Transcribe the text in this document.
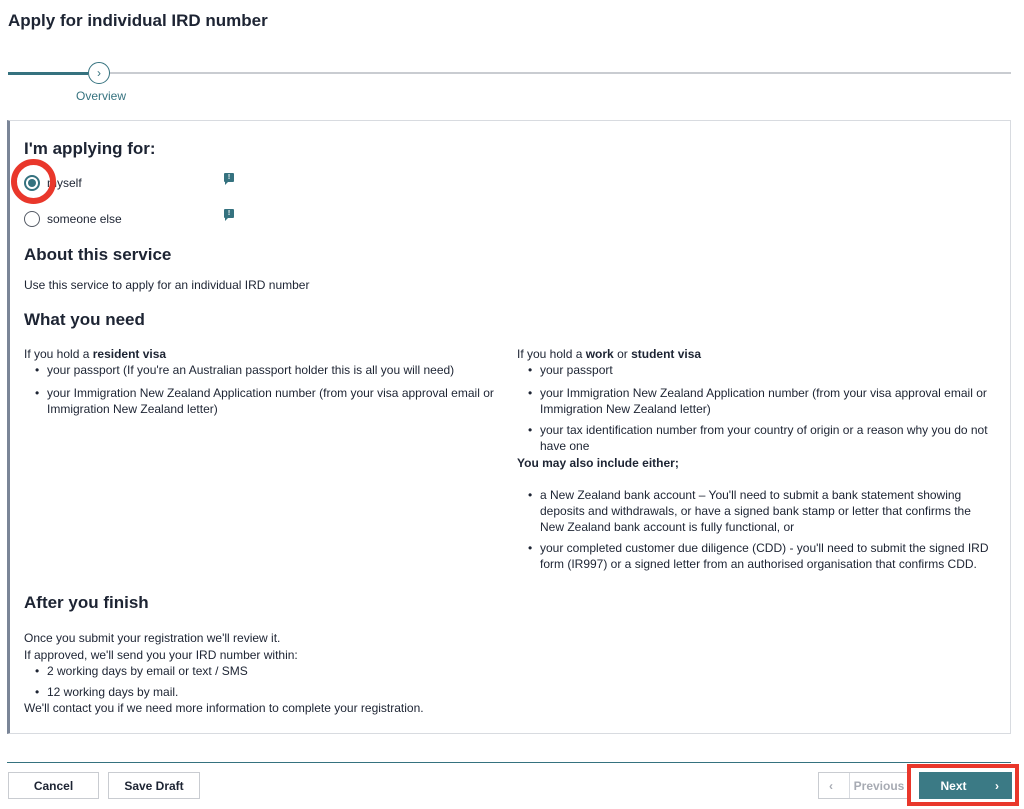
Apply for individual IRD number
›
Overview
I'm applying for:
myself	!
someone else	!
About this service
Use this service to apply for an individual IRD number
What you need
If you hold a resident visa
• your passport (If you're an Australian passport holder this is all you will need)
• your Immigration New Zealand Application number (from your visa approval email or Immigration New Zealand letter)
If you hold a work or student visa
• your passport
• your Immigration New Zealand Application number (from your visa approval email or Immigration New Zealand letter)
• your tax identification number from your country of origin or a reason why you do not have one
You may also include either;
• a New Zealand bank account – You'll need to submit a bank statement showing deposits and withdrawals, or have a signed bank stamp or letter that confirms the New Zealand bank account is fully functional, or
• your completed customer due diligence (CDD) - you'll need to submit the signed IRD form (IR997) or a signed letter from an authorised organisation that confirms CDD.
After you finish
Once you submit your registration we'll review it.
If approved, we'll send you your IRD number within:
• 2 working days by email or text / SMS
• 12 working days by mail.
We'll contact you if we need more information to complete your registration.
Cancel	Save Draft	‹ Previous	Next ›
